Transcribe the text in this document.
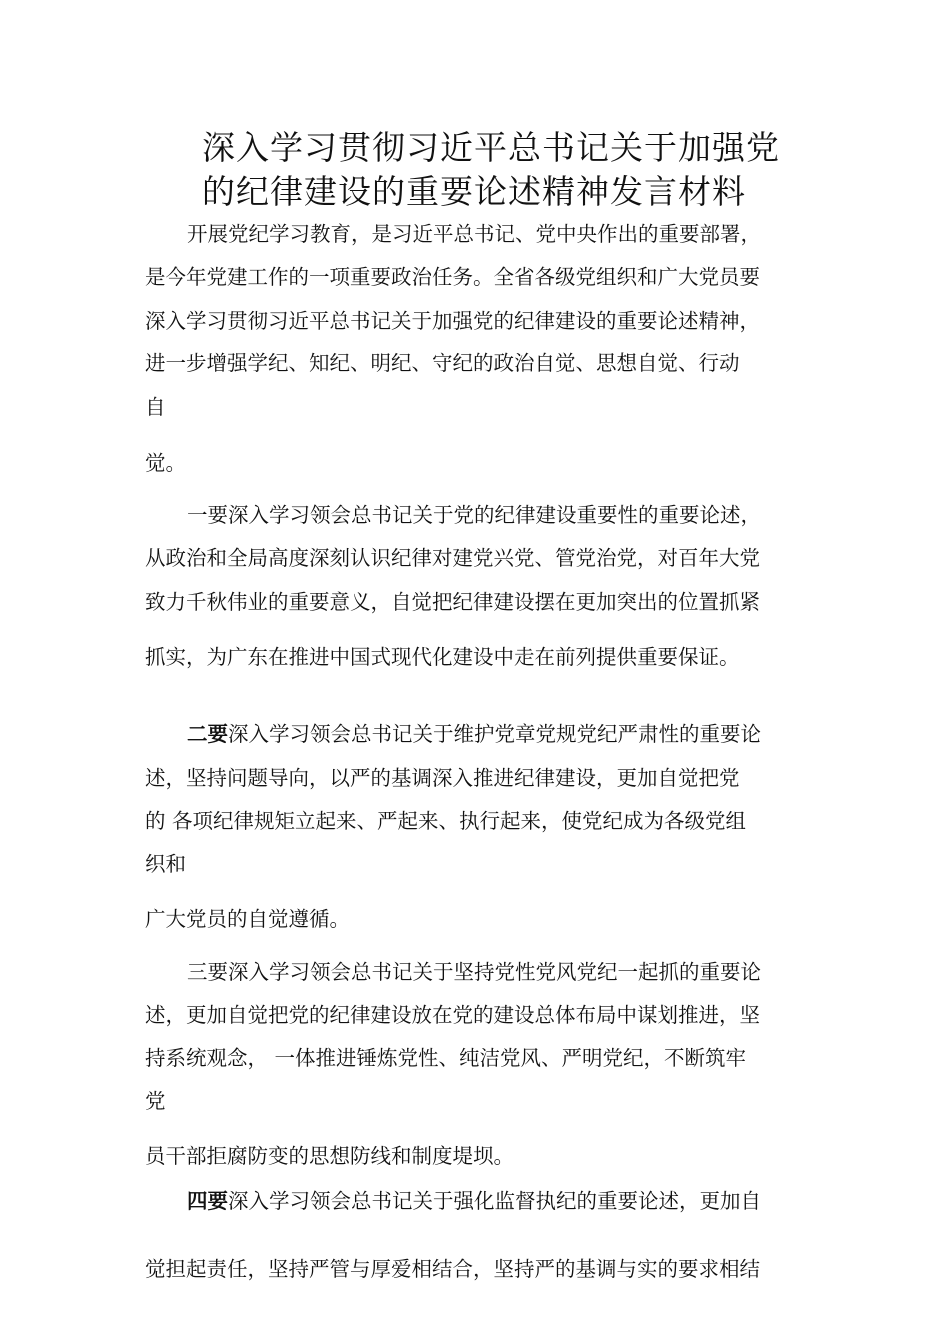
深入学习贯彻习近平总书记关于加强党
的纪律建设的重要论述精神发言材料
开展党纪学习教育，是习近平总书记、党中央作出的重要部署，
是今年党建工作的一项重要政治任务。全省各级党组织和广大党员要
深入学习贯彻习近平总书记关于加强党的纪律建设的重要论述精神，
进一步增强学纪、知纪、明纪、守纪的政治自觉、思想自觉、行动
自
觉。
一要深入学习领会总书记关于党的纪律建设重要性的重要论述，
从政治和全局高度深刻认识纪律对建党兴党、管党治党，对百年大党
致力千秋伟业的重要意义，自觉把纪律建设摆在更加突出的位置抓紧
抓实，为广东在推进中国式现代化建设中走在前列提供重要保证。
二要深入学习领会总书记关于维护党章党规党纪严肃性的重要论
述，坚持问题导向，以严的基调深入推进纪律建设，更加自觉把党
的 各项纪律规矩立起来、严起来、执行起来，使党纪成为各级党组
织和
广大党员的自觉遵循。
三要深入学习领会总书记关于坚持党性党风党纪一起抓的重要论
述，更加自觉把党的纪律建设放在党的建设总体布局中谋划推进，坚
持系统观念， 一体推进锤炼党性、纯洁党风、严明党纪，不断筑牢
党
员干部拒腐防变的思想防线和制度堤坝。
四要深入学习领会总书记关于强化监督执纪的重要论述，更加自
觉担起责任，坚持严管与厚爱相结合，坚持严的基调与实的要求相结
